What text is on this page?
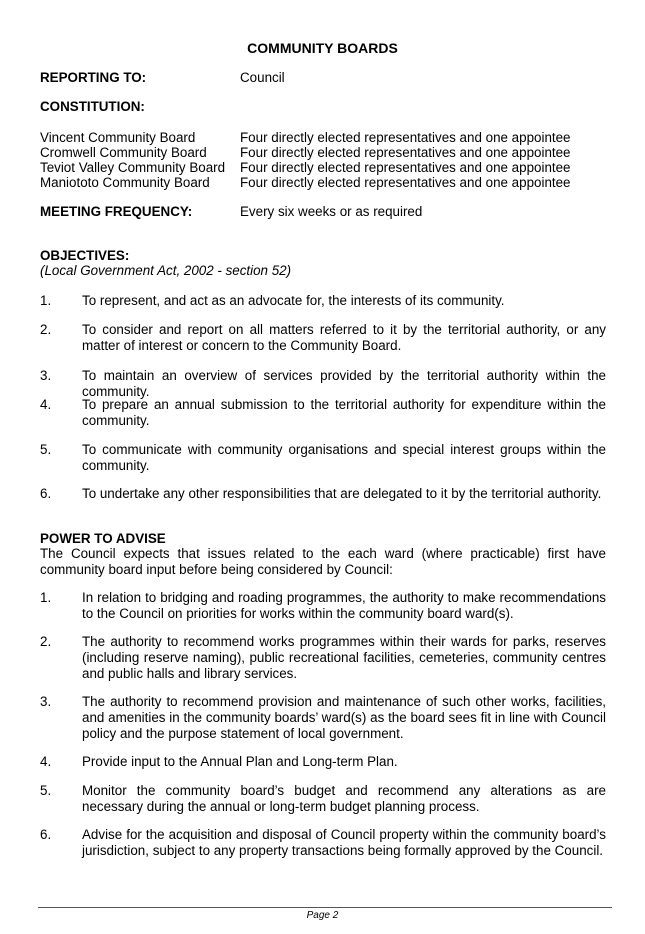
COMMUNITY BOARDS
REPORTING TO:	Council
CONSTITUTION:
Vincent Community Board	Four directly elected representatives and one appointee
Cromwell Community Board Four directly elected representatives and one appointee
Teviot Valley Community Board Four directly elected representatives and one appointee
Maniototo Community Board Four directly elected representatives and one appointee
MEETING FREQUENCY:	Every six weeks or as required
OBJECTIVES:
(Local Government Act, 2002 - section 52)
1. To represent, and act as an advocate for, the interests of its community.
2. To consider and report on all matters referred to it by the territorial authority, or any matter of interest or concern to the Community Board.
3. To maintain an overview of services provided by the territorial authority within the community.
4. To prepare an annual submission to the territorial authority for expenditure within the community.
5. To communicate with community organisations and special interest groups within the community.
6. To undertake any other responsibilities that are delegated to it by the territorial authority.
POWER TO ADVISE
The Council expects that issues related to the each ward (where practicable) first have community board input before being considered by Council:
1. In relation to bridging and roading programmes, the authority to make recommendations to the Council on priorities for works within the community board ward(s).
2. The authority to recommend works programmes within their wards for parks, reserves (including reserve naming), public recreational facilities, cemeteries, community centres and public halls and library services.
3. The authority to recommend provision and maintenance of such other works, facilities, and amenities in the community boards’ ward(s) as the board sees fit in line with Council policy and the purpose statement of local government.
4. Provide input to the Annual Plan and Long-term Plan.
5. Monitor the community board’s budget and recommend any alterations as are necessary during the annual or long-term budget planning process.
6. Advise for the acquisition and disposal of Council property within the community board’s jurisdiction, subject to any property transactions being formally approved by the Council.
Page 2
